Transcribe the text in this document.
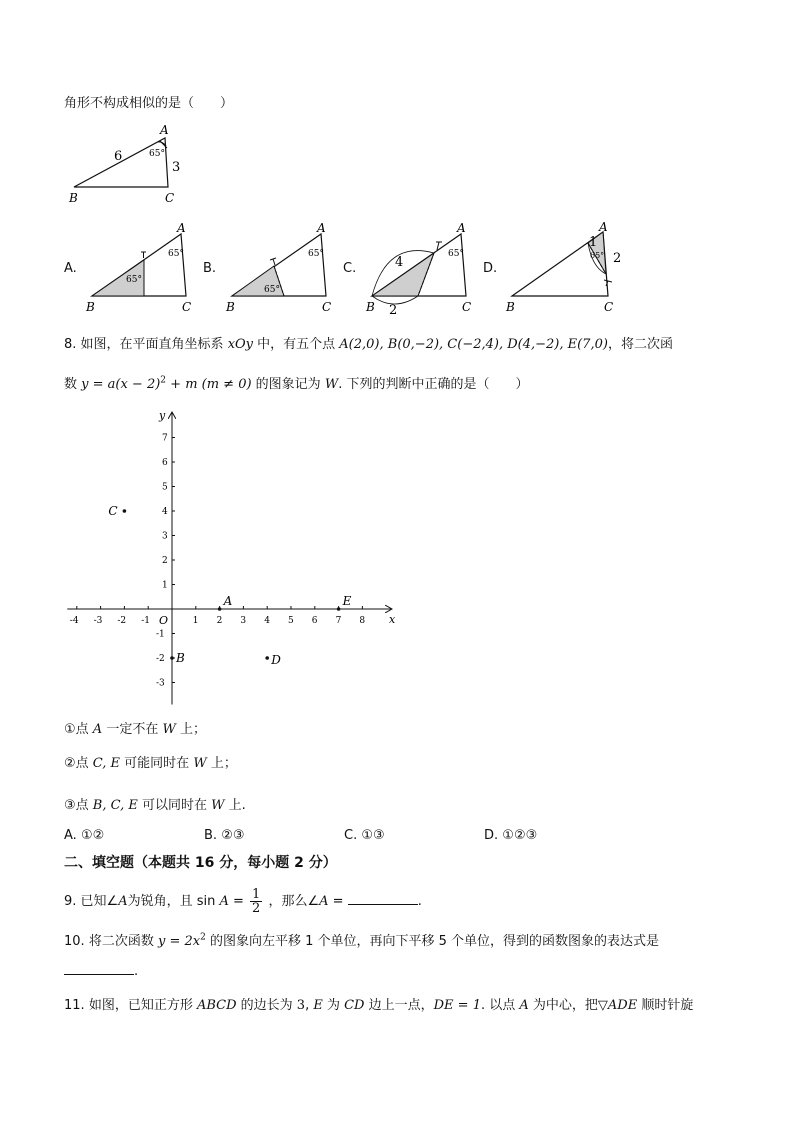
角形不构成相似的是（　　）
A
B	C
6
3
65°
A.
65°
65°
A
B	C
B.
65°
65°
A
B	C
C.	4
2
65°
A
B	C
D.
1
2
65°
A
B	C
8. 如图，在平面直角坐标系 xOy 中，有五个点 A(2,0), B(0,−2), C(−2,4), D(4,−2), E(7,0)，将二次函
数 $y = a(x - 2)^2 + m$ (m ≠ 0) 的图象记为 W. 下列的判断中正确的是（　　）
x
y
O
-4 -3 -2 -1	1 2 3 4 5 6 7 8
7
6
5
4
3
2
1
-1
-2
-3
A
B
C
D
E
①点 A 一定不在 W 上；
②点 C, E 可能同时在 W 上；
③点 B, C, E 可以同时在 W 上.
A. ①②	B. ②③	C. ①③	D. ①②③
二、填空题（本题共 16 分，每小题 2 分）
9. 已知∠A为锐角，且 $\sin A = \frac{1}{2}$ ，那么∠A =	.
10. 将二次函数 $y = 2x^2$ 的图象向左平移 1 个单位，再向下平移 5 个单位，得到的函数图象的表达式是
.
11. 如图，已知正方形 ABCD 的边长为 3, E 为 CD 边上一点，DE = 1. 以点 A 为中心，把▽ADE 顺时针旋
